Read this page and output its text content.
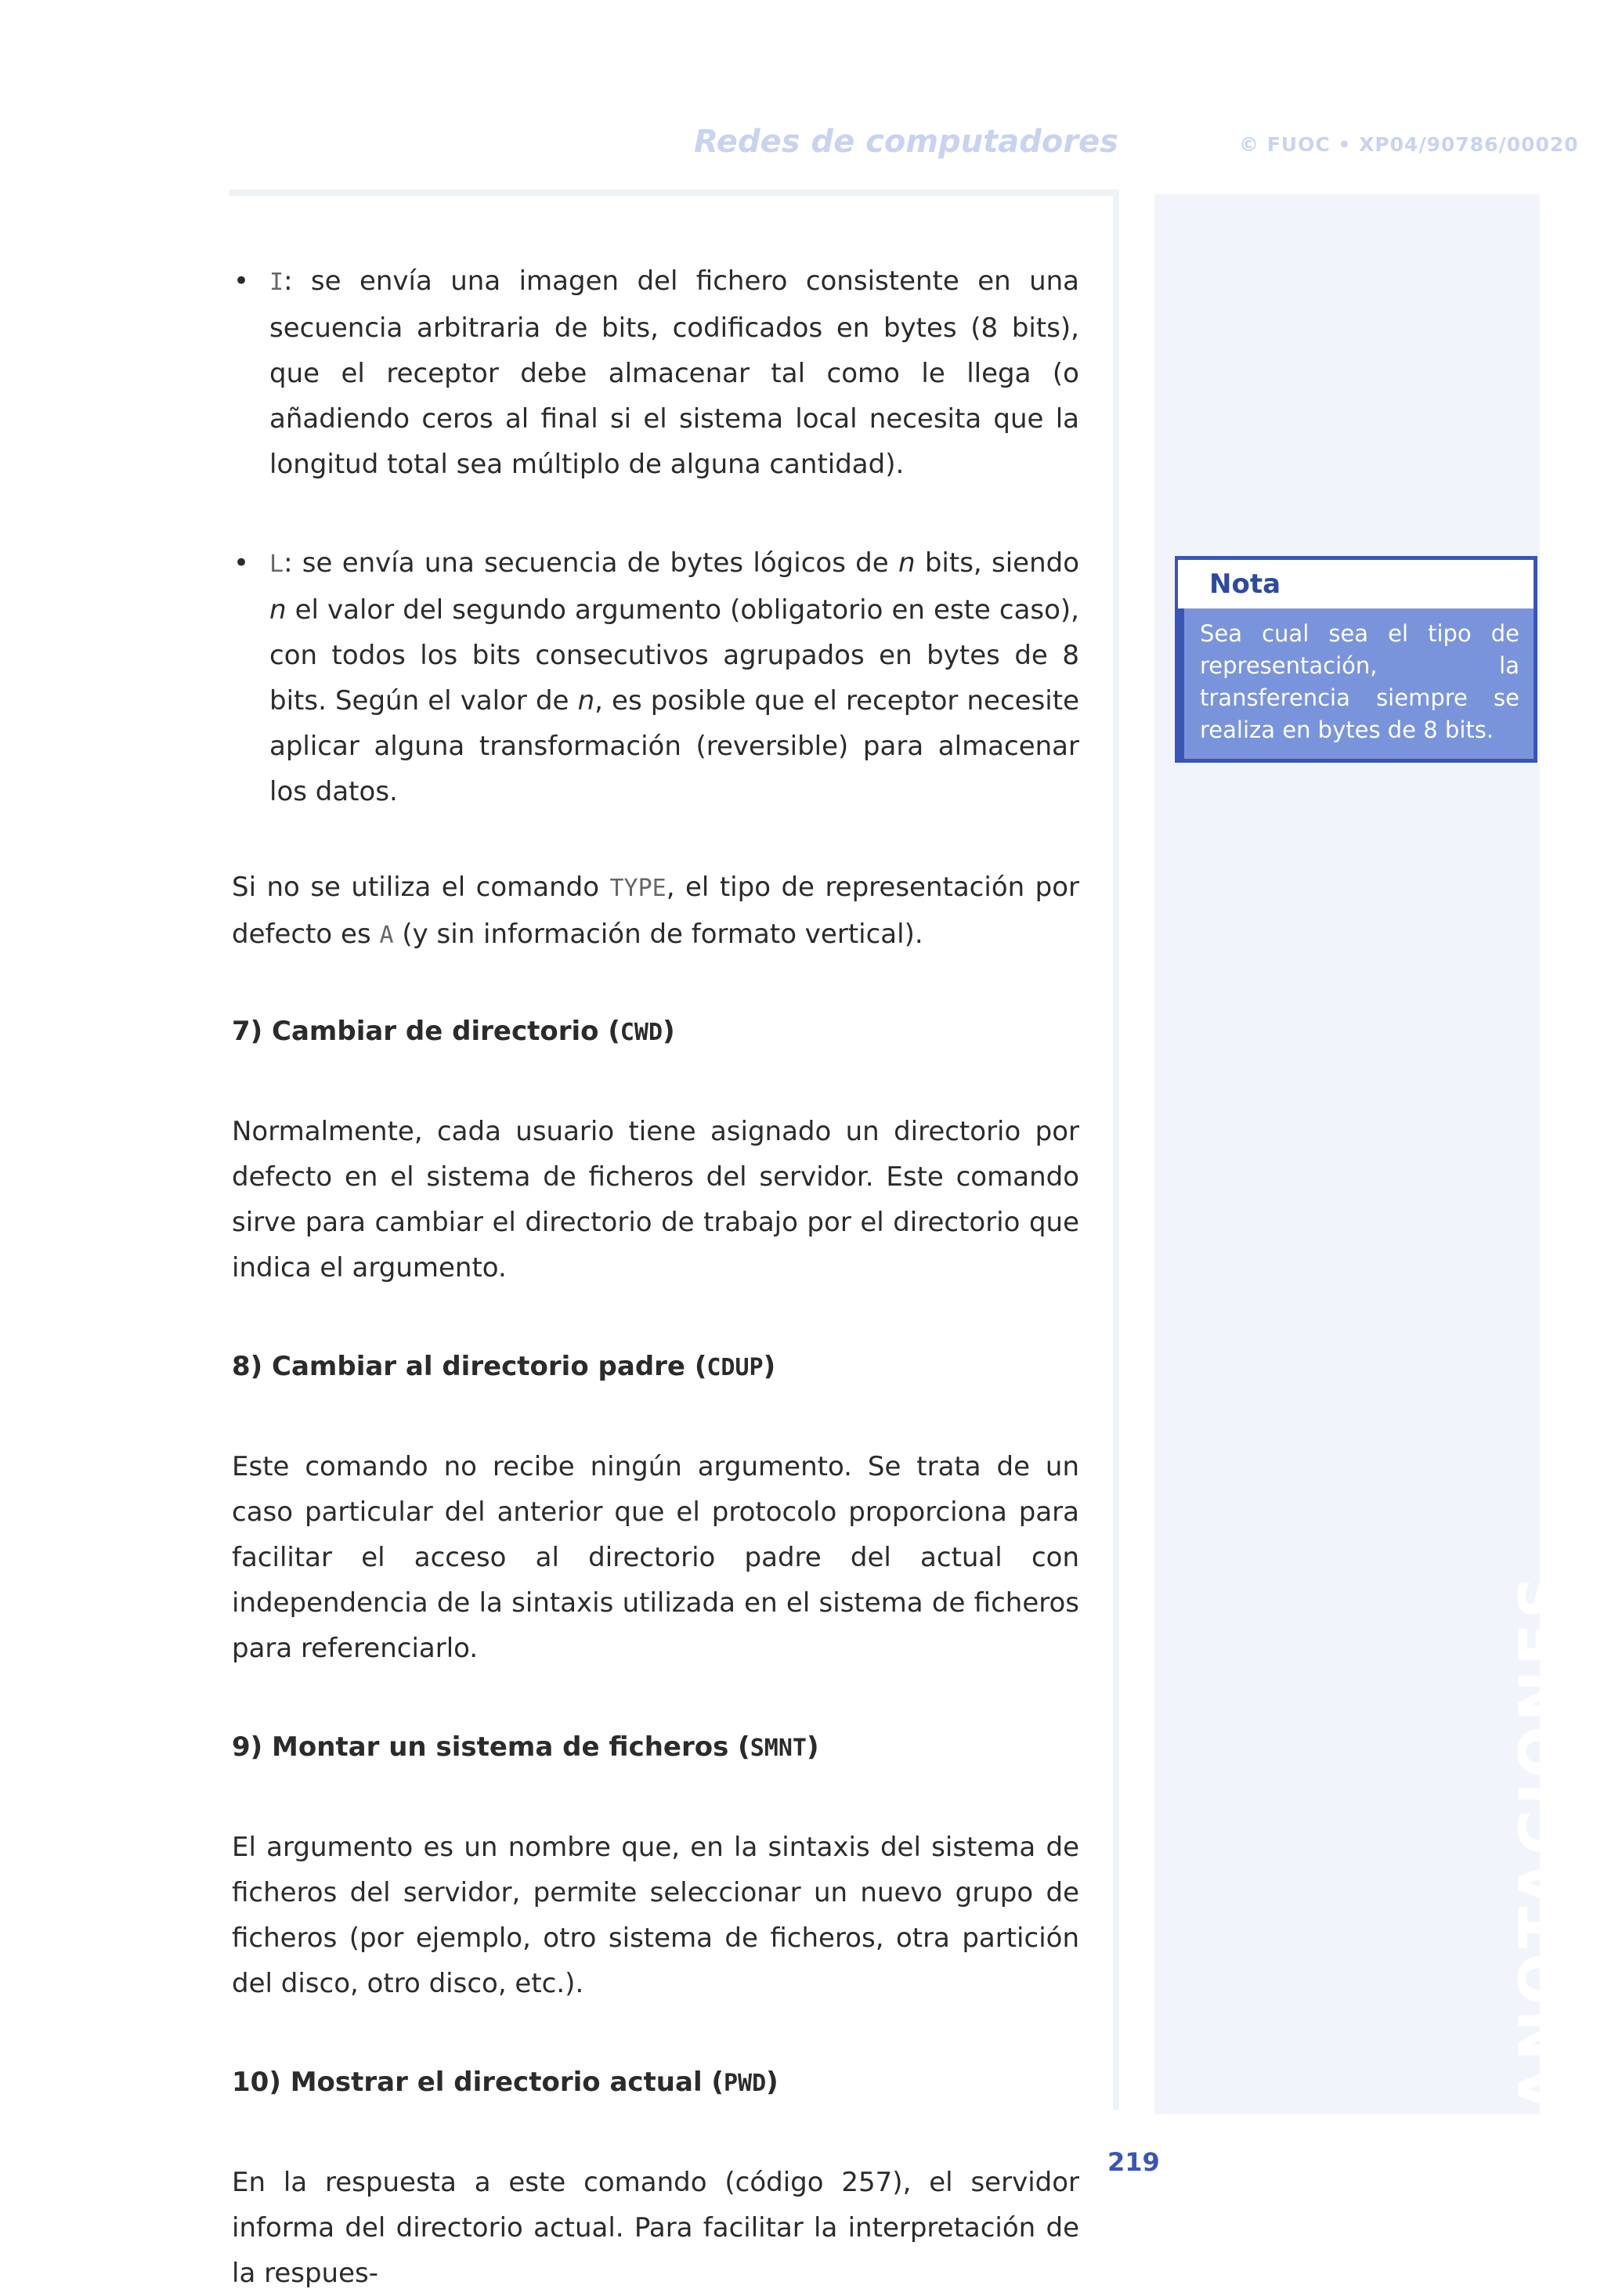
Redes de computadores	© FUOC • XP04/90786/00020
ANOTACIONES

• I: se envía una imagen del fichero consistente en una secuencia arbitraria de bits, codificados en bytes (8 bits), que el receptor debe almacenar tal como le llega (o añadiendo ceros al final si el sistema local necesita que la longitud total sea múltiplo de alguna cantidad).

• L: se envía una secuencia de bytes lógicos de n bits, siendo n el valor del segundo argumento (obligatorio en este caso), con todos los bits consecutivos agrupados en bytes de 8 bits. Según el valor de n, es posible que el receptor necesite aplicar alguna transformación (reversible) para almacenar los datos.

Si no se utiliza el comando TYPE, el tipo de representación por defecto es A (y sin información de formato vertical).

7) Cambiar de directorio (CWD)

Normalmente, cada usuario tiene asignado un directorio por defecto en el sistema de ficheros del servidor. Este comando sirve para cambiar el directorio de trabajo por el directorio que indica el argumento.

8) Cambiar al directorio padre (CDUP)

Este comando no recibe ningún argumento. Se trata de un caso particular del anterior que el protocolo proporciona para facilitar el acceso al directorio padre del actual con independencia de la sintaxis utilizada en el sistema de ficheros para referenciarlo.

9) Montar un sistema de ficheros (SMNT)

El argumento es un nombre que, en la sintaxis del sistema de ficheros del servidor, permite seleccionar un nuevo grupo de ficheros (por ejemplo, otro sistema de ficheros, otra partición del disco, otro disco, etc.).

10) Mostrar el directorio actual (PWD)

En la respuesta a este comando (código 257), el servidor informa del directorio actual. Para facilitar la interpretación de la respues-

Nota
Sea cual sea el tipo de representación, la transferencia siempre se realiza en bytes de 8 bits.
219
